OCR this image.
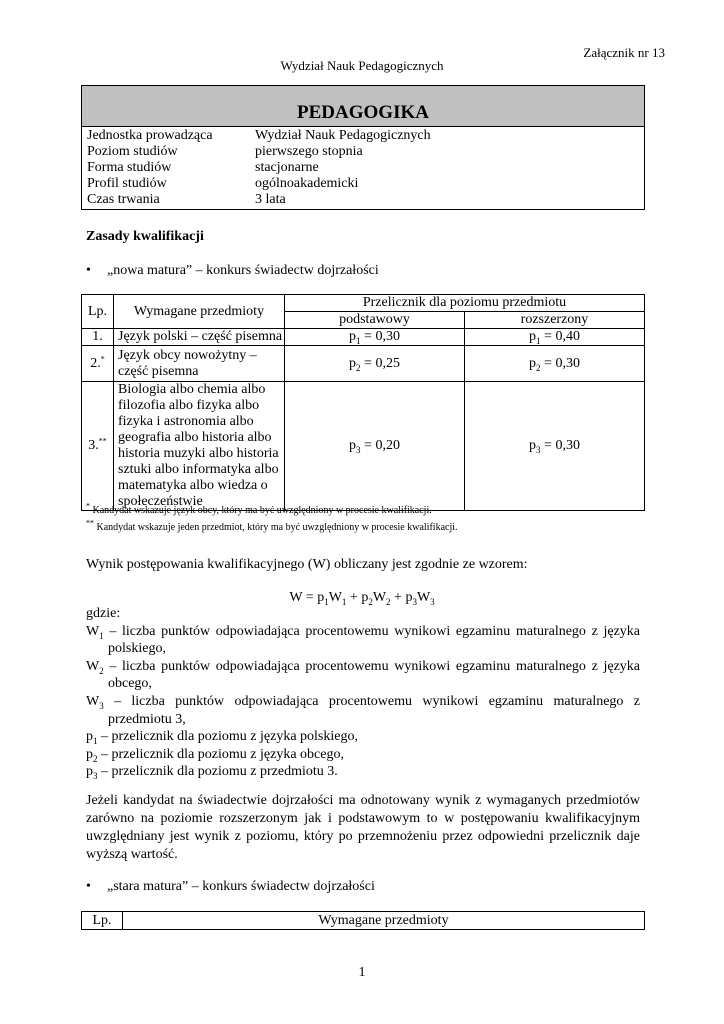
Załącznik nr 13
Wydział Nauk Pedagogicznych
PEDAGOGIKA
Jednostka prowadząca	Wydział Nauk Pedagogicznych
Poziom studiów	pierwszego stopnia
Forma studiów	stacjonarne
Profil studiów	ogólnoakademicki
Czas trwania	3 lata
Zasady kwalifikacji
• „nowa matura” – konkurs świadectw dojrzałości
Lp.	Wymagane przedmioty	Przelicznik dla poziomu przedmiotu	
		podstawowy	rozszerzony
1.	Język polski – część pisemna	$p_1 = 0,30$	$p_1 = 0,40$
2.*	Język obcy nowożytny – część pisemna	$p_2 = 0,25$	$p_2 = 0,30$
3.**	Biologia albo chemia albo filozofia albo fizyka albo fizyka i astronomia albo geografia albo historia albo historia muzyki albo historia sztuki albo informatyka albo matematyka albo wiedza o społeczeństwie	$p_3 = 0,20$	$p_3 = 0,30$
* Kandydat wskazuje język obcy, który ma być uwzględniony w procesie kwalifikacji.
** Kandydat wskazuje jeden przedmiot, który ma być uwzględniony w procesie kwalifikacji.
Wynik postępowania kwalifikacyjnego (W) obliczany jest zgodnie ze wzorem:
$W = p_1W_1 + p_2W_2 + p_3W_3$
gdzie:
$W_1$ – liczba punktów odpowiadająca procentowemu wynikowi egzaminu maturalnego z języka polskiego,
$W_2$ – liczba punktów odpowiadająca procentowemu wynikowi egzaminu maturalnego z języka obcego,
$W_3$ – liczba punktów odpowiadająca procentowemu wynikowi egzaminu maturalnego z przedmiotu 3,
$p_1$ – przelicznik dla poziomu z języka polskiego,
$p_2$ – przelicznik dla poziomu z języka obcego,
$p_3$ – przelicznik dla poziomu z przedmiotu 3.
Jeżeli kandydat na świadectwie dojrzałości ma odnotowany wynik z wymaganych przedmiotów zarówno na poziomie rozszerzonym jak i podstawowym to w postępowaniu kwalifikacyjnym uwzględniany jest wynik z poziomu, który po przemnożeniu przez odpowiedni przelicznik daje wyższą wartość.
• „stara matura” – konkurs świadectw dojrzałości
Lp.	Wymagane przedmioty
1
